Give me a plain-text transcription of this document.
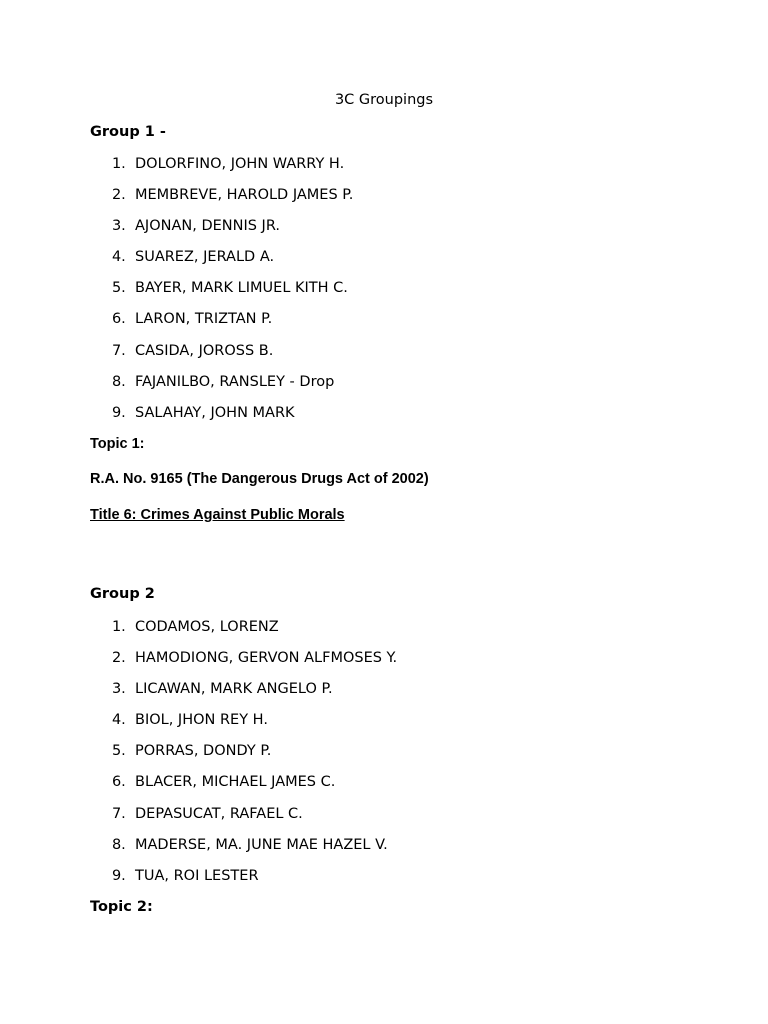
3C Groupings
Group 1 -
1.  DOLORFINO, JOHN WARRY H.
2.  MEMBREVE, HAROLD JAMES P.
3.  AJONAN, DENNIS JR.
4.  SUAREZ, JERALD A.
5.  BAYER, MARK LIMUEL KITH C.
6.  LARON, TRIZTAN P.
7.  CASIDA, JOROSS B.
8.  FAJANILBO, RANSLEY - Drop
9.  SALAHAY, JOHN MARK
Topic 1:
R.A. No. 9165 (The Dangerous Drugs Act of 2002)
Title 6: Crimes Against Public Morals
Group 2
1.  CODAMOS, LORENZ
2.  HAMODIONG, GERVON ALFMOSES Y.
3.  LICAWAN, MARK ANGELO P.
4.  BIOL, JHON REY H.
5.  PORRAS, DONDY P.
6.  BLACER, MICHAEL JAMES C.
7.  DEPASUCAT, RAFAEL C.
8.  MADERSE, MA. JUNE MAE HAZEL V.
9.  TUA, ROI LESTER
Topic 2:
